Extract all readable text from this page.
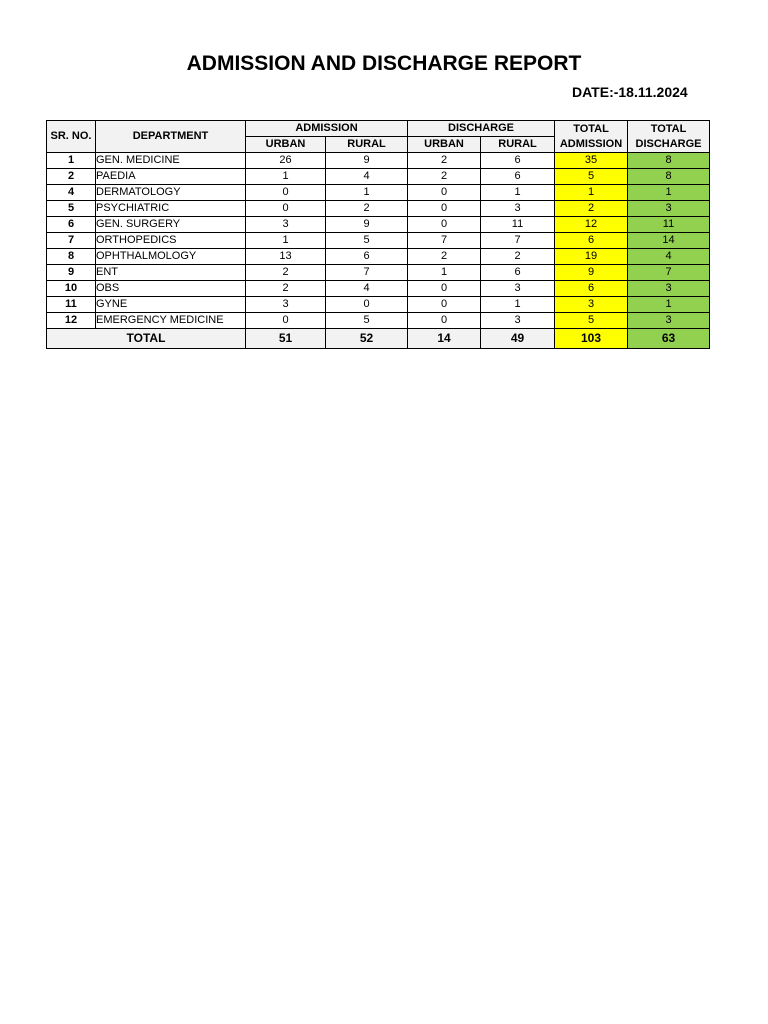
ADMISSION AND DISCHARGE REPORT
DATE:-18.11.2024
SR. NO.	DEPARTMENT	ADMISSION		DISCHARGE		TOTAL ADMISSION	TOTAL DISCHARGE
		URBAN	RURAL	URBAN	RURAL		
1	GEN. MEDICINE	26	9	2	6	35	8
2	PAEDIA	1	4	2	6	5	8
4	DERMATOLOGY	0	1	0	1	1	1
5	PSYCHIATRIC	0	2	0	3	2	3
6	GEN. SURGERY	3	9	0	11	12	11
7	ORTHOPEDICS	1	5	7	7	6	14
8	OPHTHALMOLOGY	13	6	2	2	19	4
9	ENT	2	7	1	6	9	7
10	OBS	2	4	0	3	6	3
11	GYNE	3	0	0	1	3	1
12	EMERGENCY MEDICINE	0	5	0	3	5	3
TOTAL		51	52	14	49	103	63
